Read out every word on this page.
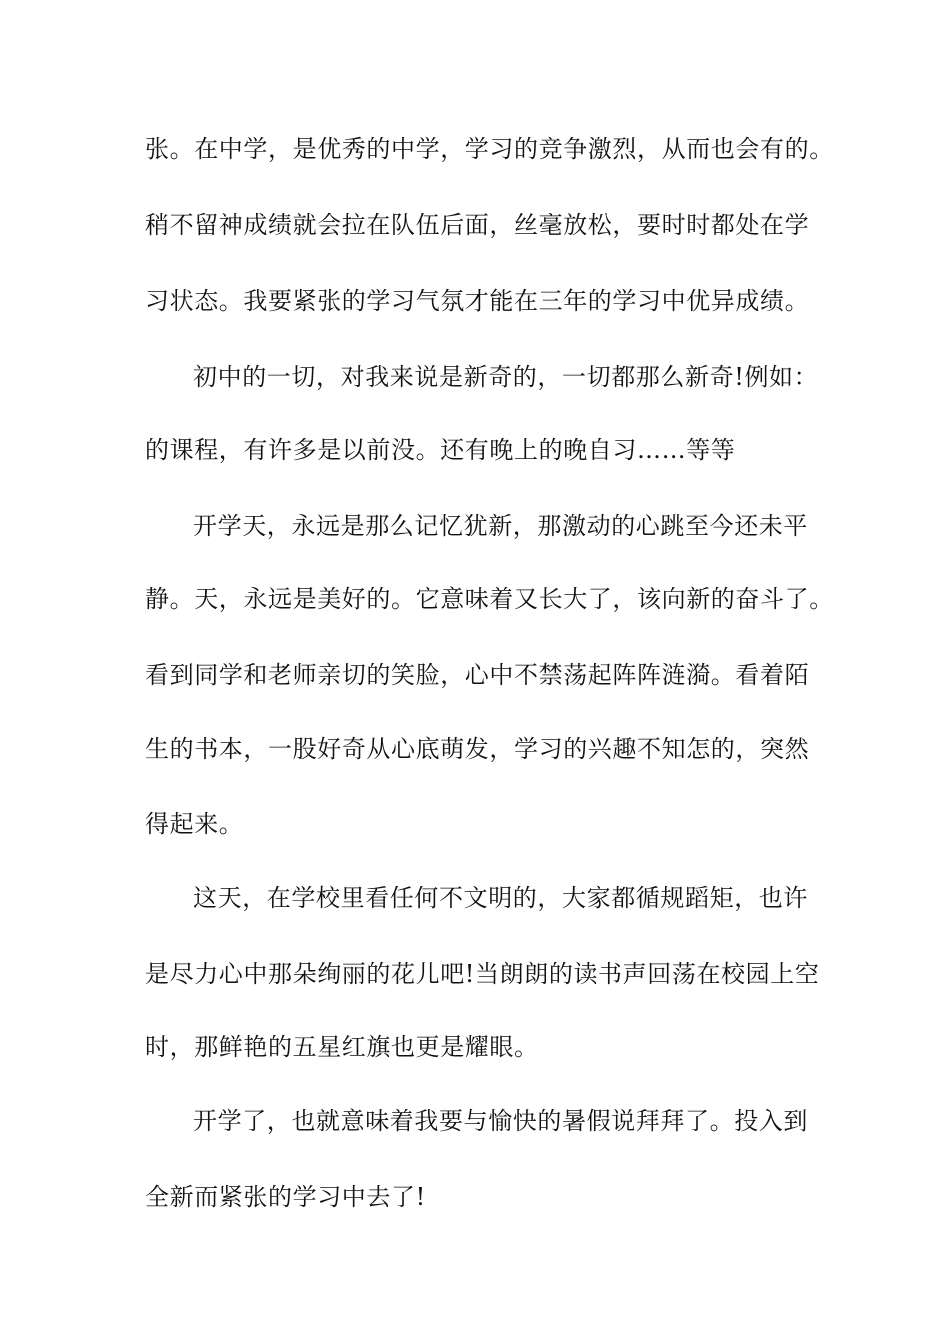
张。在中学，是优秀的中学，学习的竞争激烈，从而也会有的。

稍不留神成绩就会拉在队伍后面，丝毫放松，要时时都处在学

习状态。我要紧张的学习气氛才能在三年的学习中优异成绩。

初中的一切，对我来说是新奇的，一切都那么新奇!例如：

的课程，有许多是以前没。还有晚上的晚自习……等等

开学天，永远是那么记忆犹新，那激动的心跳至今还未平

静。天，永远是美好的。它意味着又长大了，该向新的奋斗了。

看到同学和老师亲切的笑脸，心中不禁荡起阵阵涟漪。看着陌

生的书本，一股好奇从心底萌发，学习的兴趣不知怎的，突然

得起来。

这天，在学校里看任何不文明的，大家都循规蹈矩，也许

是尽力心中那朵绚丽的花儿吧!当朗朗的读书声回荡在校园上空

时，那鲜艳的五星红旗也更是耀眼。

开学了，也就意味着我要与愉快的暑假说拜拜了。投入到

全新而紧张的学习中去了!
